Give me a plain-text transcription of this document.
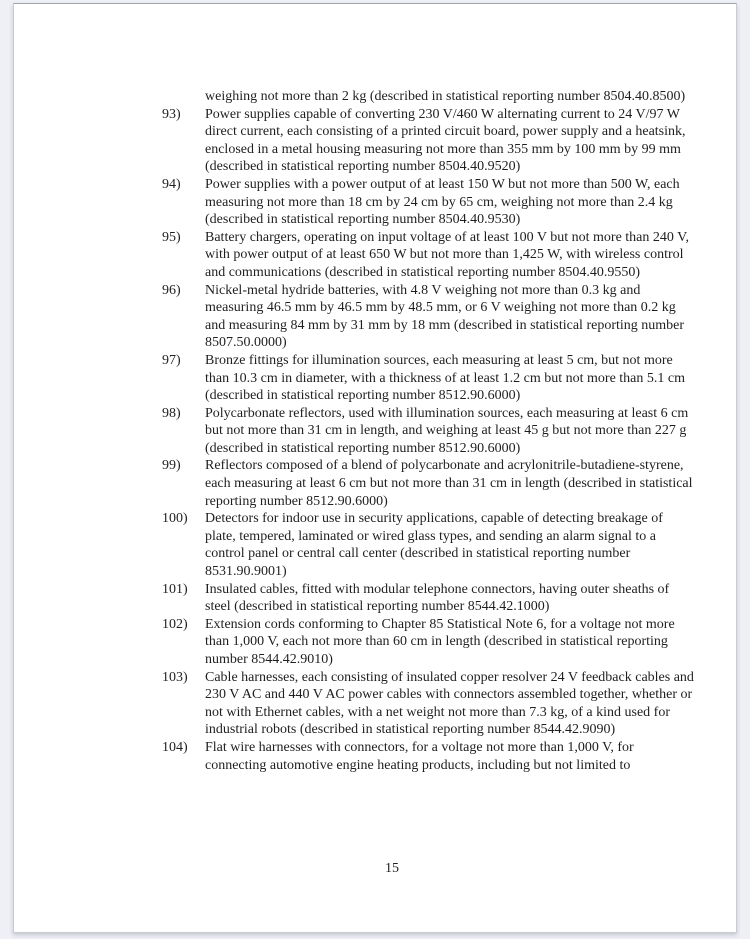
weighing not more than 2 kg (described in statistical reporting number 8504.40.8500)

93)	Power supplies capable of converting 230 V/460 W alternating current to 24 V/97 W direct current, each consisting of a printed circuit board, power supply and a heatsink, enclosed in a metal housing measuring not more than 355 mm by 100 mm by 99 mm (described in statistical reporting number 8504.40.9520)
94)	Power supplies with a power output of at least 150 W but not more than 500 W, each measuring not more than 18 cm by 24 cm by 65 cm, weighing not more than 2.4 kg (described in statistical reporting number 8504.40.9530)
95)	Battery chargers, operating on input voltage of at least 100 V but not more than 240 V, with power output of at least 650 W but not more than 1,425 W, with wireless control and communications (described in statistical reporting number 8504.40.9550)
96)	Nickel-metal hydride batteries, with 4.8 V weighing not more than 0.3 kg and measuring 46.5 mm by 46.5 mm by 48.5 mm, or 6 V weighing not more than 0.2 kg and measuring 84 mm by 31 mm by 18 mm (described in statistical reporting number 8507.50.0000)
97)	Bronze fittings for illumination sources, each measuring at least 5 cm, but not more than 10.3 cm in diameter, with a thickness of at least 1.2 cm but not more than 5.1 cm (described in statistical reporting number 8512.90.6000)
98)	Polycarbonate reflectors, used with illumination sources, each measuring at least 6 cm but not more than 31 cm in length, and weighing at least 45 g but not more than 227 g (described in statistical reporting number 8512.90.6000)
99)	Reflectors composed of a blend of polycarbonate and acrylonitrile-butadiene-styrene, each measuring at least 6 cm but not more than 31 cm in length (described in statistical reporting number 8512.90.6000)
100)	Detectors for indoor use in security applications, capable of detecting breakage of plate, tempered, laminated or wired glass types, and sending an alarm signal to a control panel or central call center (described in statistical reporting number 8531.90.9001)
101)	Insulated cables, fitted with modular telephone connectors, having outer sheaths of steel (described in statistical reporting number 8544.42.1000)
102)	Extension cords conforming to Chapter 85 Statistical Note 6, for a voltage not more than 1,000 V, each not more than 60 cm in length (described in statistical reporting number 8544.42.9010)
103)	Cable harnesses, each consisting of insulated copper resolver 24 V feedback cables and 230 V AC and 440 V AC power cables with connectors assembled together, whether or not with Ethernet cables, with a net weight not more than 7.3 kg, of a kind used for industrial robots (described in statistical reporting number 8544.42.9090)
104)	Flat wire harnesses with connectors, for a voltage not more than 1,000 V, for connecting automotive engine heating products, including but not limited to
15
